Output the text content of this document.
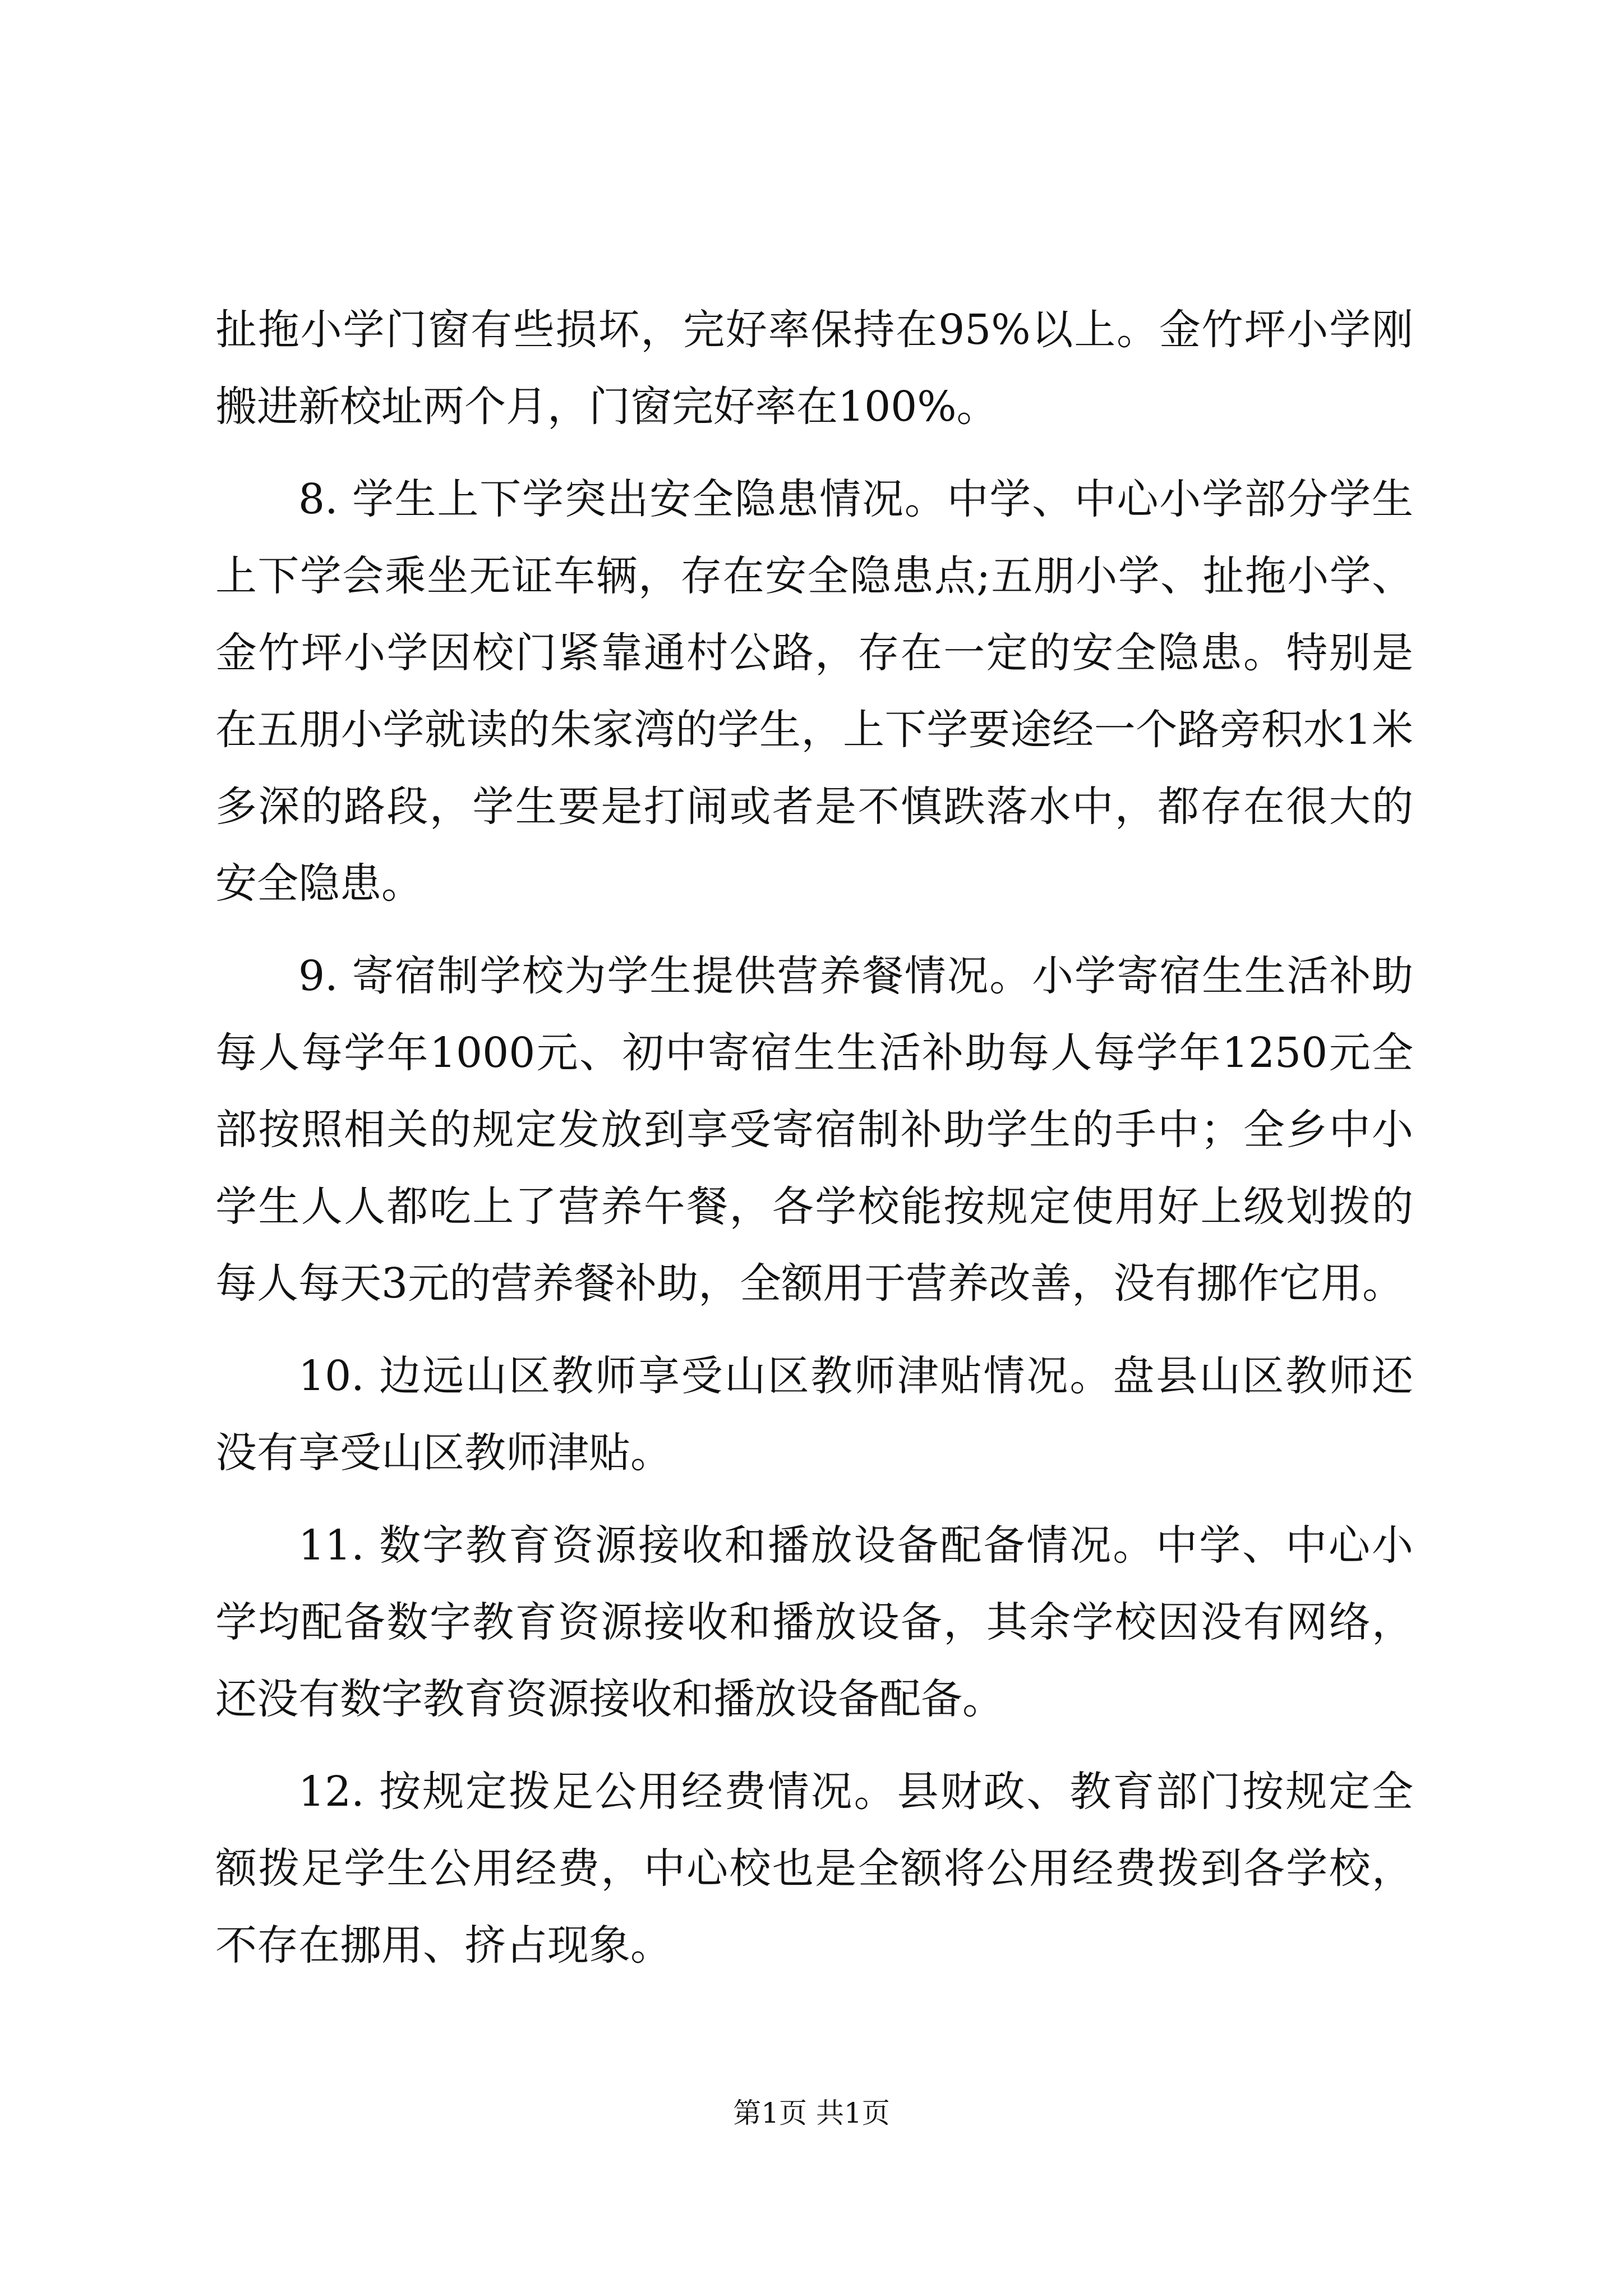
扯拖小学门窗有些损坏，完好率保持在95%以上。金竹坪小学刚搬进新校址两个月，门窗完好率在100%。

8. 学生上下学突出安全隐患情况。中学、中心小学部分学生上下学会乘坐无证车辆，存在安全隐患点;五朋小学、扯拖小学、金竹坪小学因校门紧靠通村公路，存在一定的安全隐患。特别是在五朋小学就读的朱家湾的学生，上下学要途经一个路旁积水1米多深的路段，学生要是打闹或者是不慎跌落水中，都存在很大的安全隐患。

9. 寄宿制学校为学生提供营养餐情况。小学寄宿生生活补助每人每学年1000元、初中寄宿生生活补助每人每学年1250元全部按照相关的规定发放到享受寄宿制补助学生的手中；全乡中小学生人人都吃上了营养午餐，各学校能按规定使用好上级划拨的每人每天3元的营养餐补助，全额用于营养改善，没有挪作它用。

10. 边远山区教师享受山区教师津贴情况。盘县山区教师还没有享受山区教师津贴。

11. 数字教育资源接收和播放设备配备情况。中学、中心小学均配备数字教育资源接收和播放设备，其余学校因没有网络，还没有数字教育资源接收和播放设备配备。

12. 按规定拨足公用经费情况。县财政、教育部门按规定全额拨足学生公用经费，中心校也是全额将公用经费拨到各学校，不存在挪用、挤占现象。

第1页 共1页
